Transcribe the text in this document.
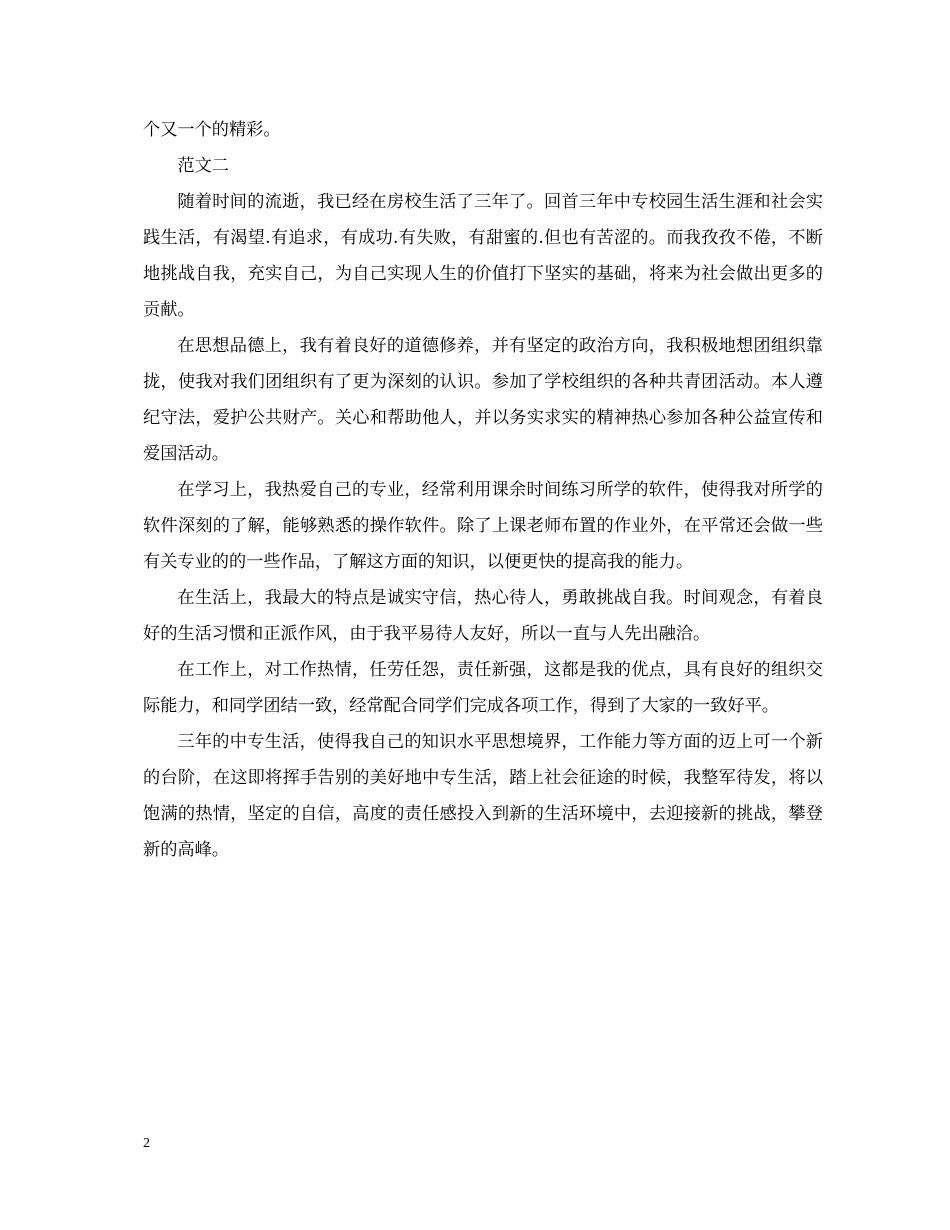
个又一个的精彩。

范文二

随着时间的流逝，我已经在房校生活了三年了。回首三年中专校园生活生涯和社会实践生活，有渴望.有追求，有成功.有失败，有甜蜜的.但也有苦涩的。而我孜孜不倦，不断地挑战自我，充实自己，为自己实现人生的价值打下坚实的基础，将来为社会做出更多的贡献。

在思想品德上，我有着良好的道德修养，并有坚定的政治方向，我积极地想团组织靠拢，使我对我们团组织有了更为深刻的认识。参加了学校组织的各种共青团活动。本人遵纪守法，爱护公共财产。关心和帮助他人，并以务实求实的精神热心参加各种公益宣传和爱国活动。

在学习上，我热爱自己的专业，经常利用课余时间练习所学的软件，使得我对所学的软件深刻的了解，能够熟悉的操作软件。除了上课老师布置的作业外，在平常还会做一些有关专业的的一些作品，了解这方面的知识，以便更快的提高我的能力。

在生活上，我最大的特点是诚实守信，热心待人，勇敢挑战自我。时间观念，有着良好的生活习惯和正派作风，由于我平易待人友好，所以一直与人先出融洽。

在工作上，对工作热情，任劳任怨，责任新强，这都是我的优点，具有良好的组织交际能力，和同学团结一致，经常配合同学们完成各项工作，得到了大家的一致好平。

三年的中专生活，使得我自己的知识水平思想境界，工作能力等方面的迈上可一个新的台阶，在这即将挥手告别的美好地中专生活，踏上社会征途的时候，我整军待发，将以饱满的热情，坚定的自信，高度的责任感投入到新的生活环境中，去迎接新的挑战，攀登新的高峰。

2
